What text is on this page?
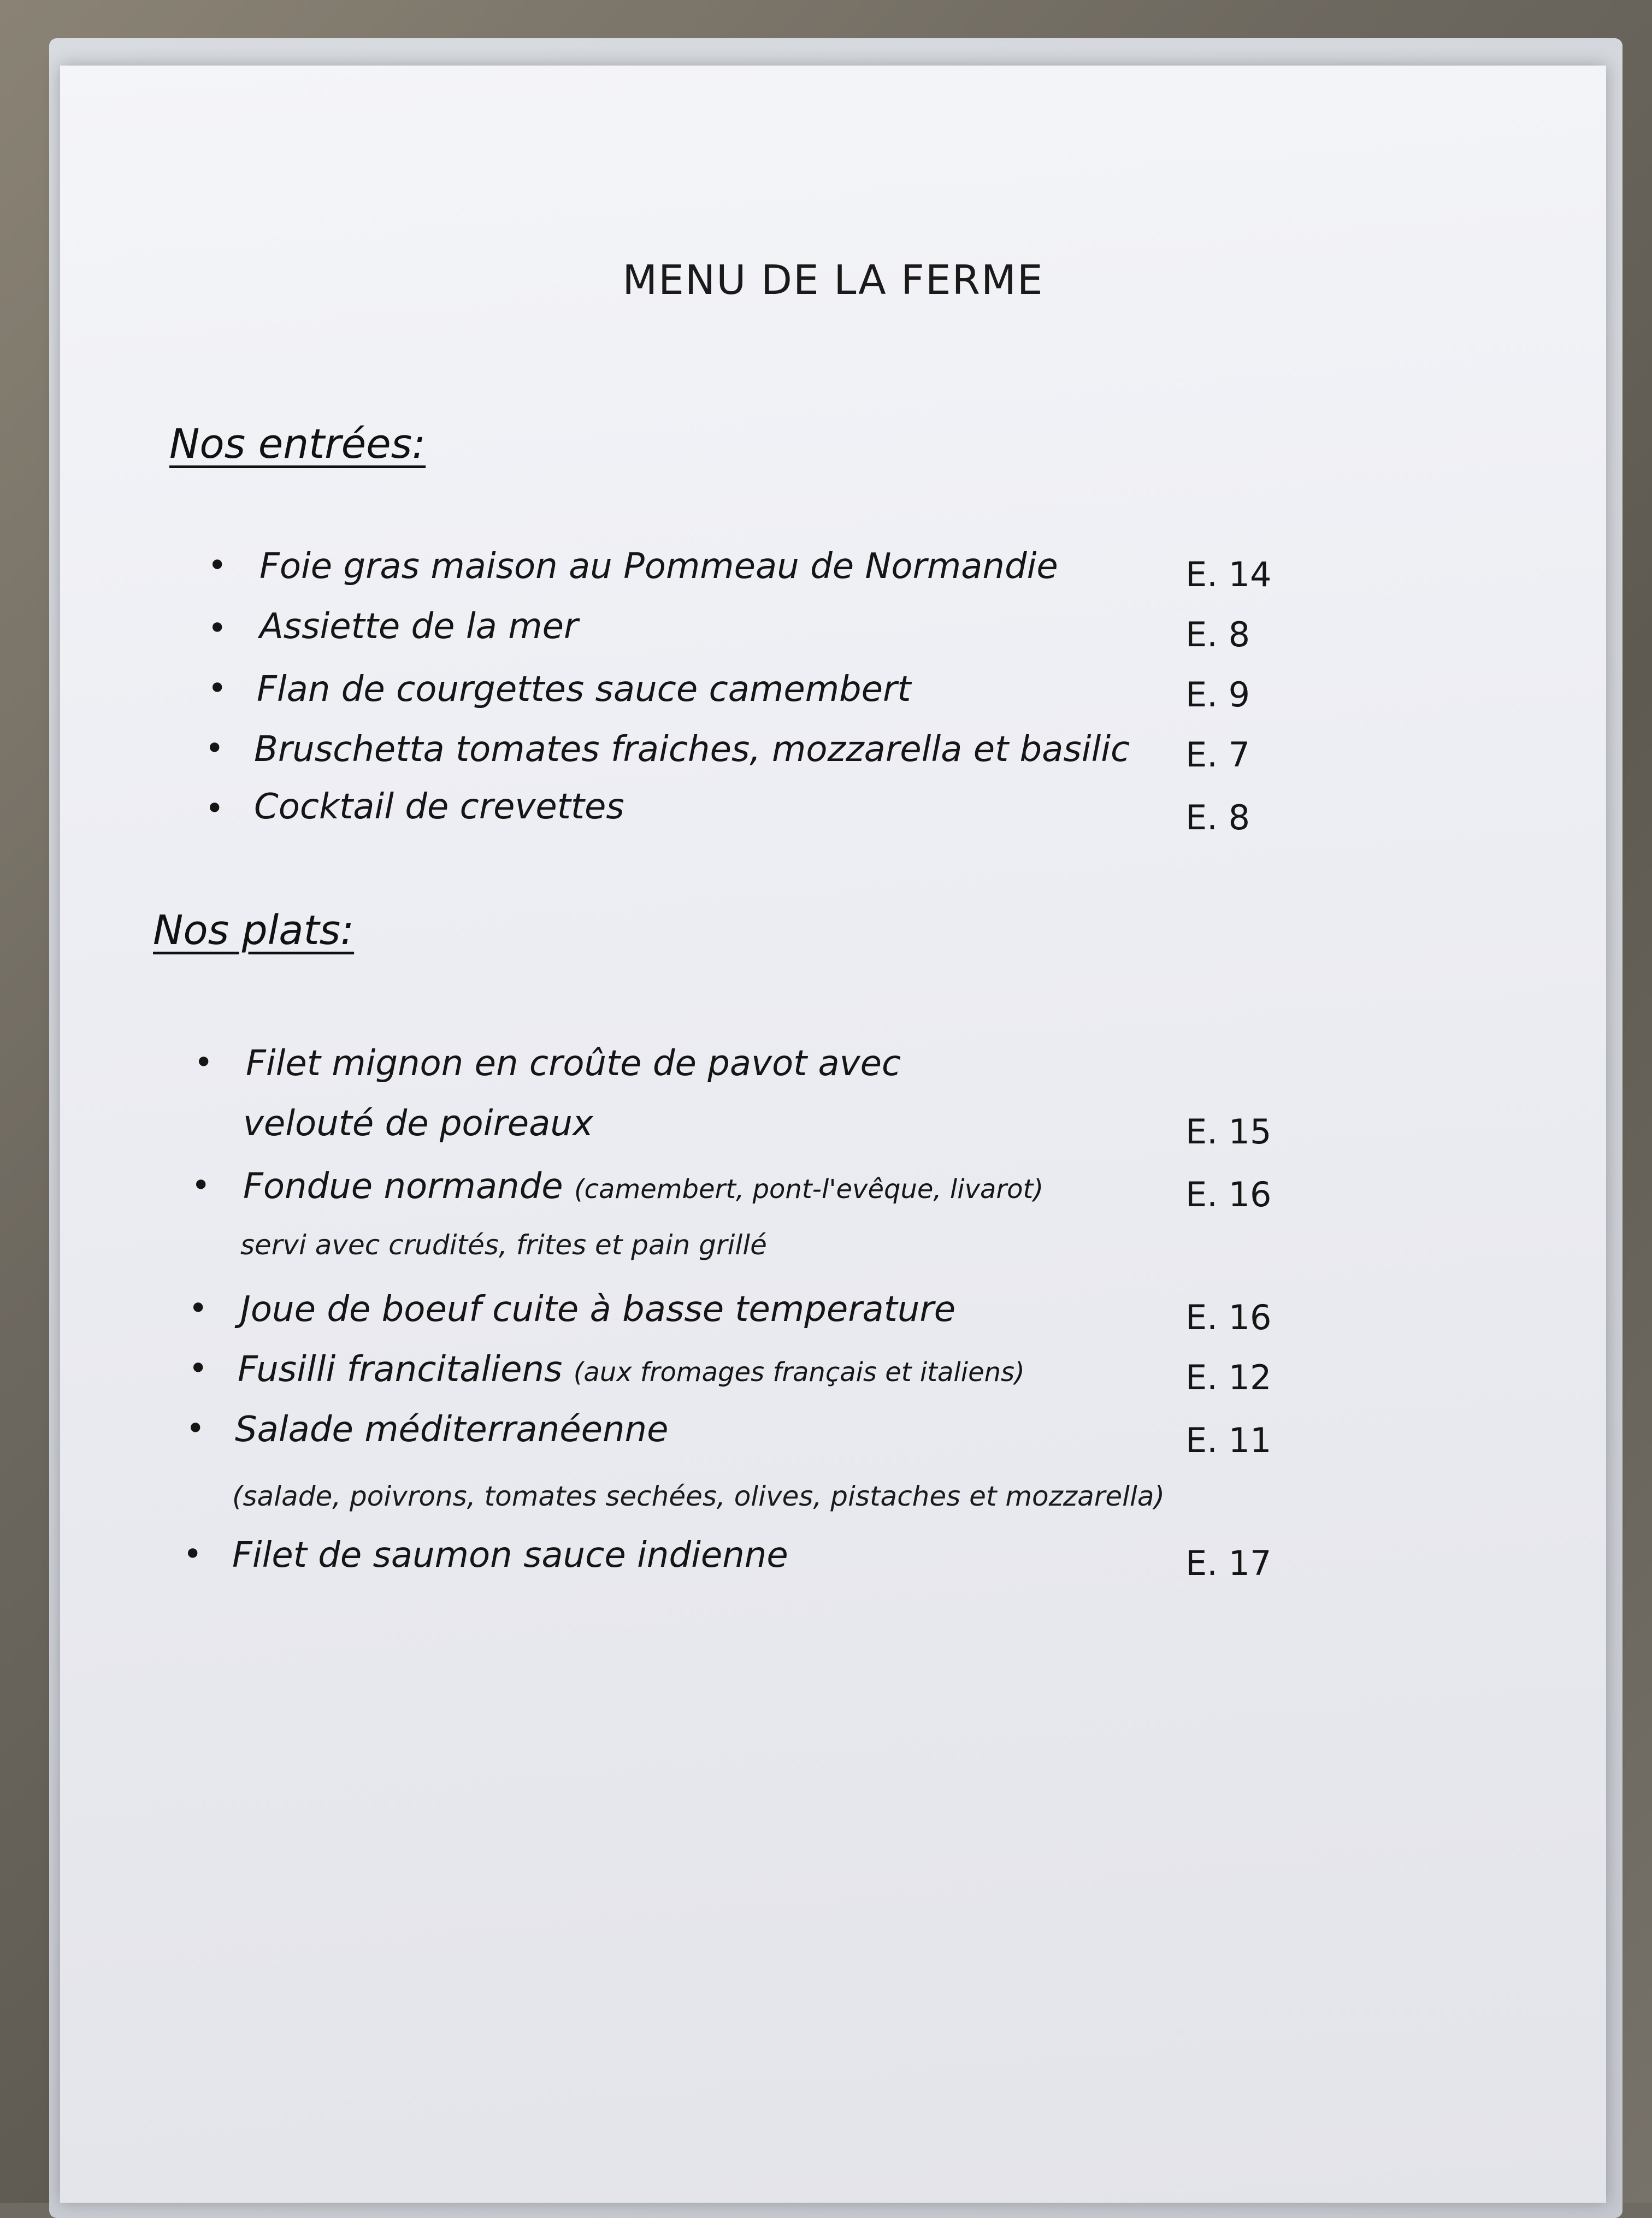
MENU DE LA FERME
Nos entrées:
• Foie gras maison au Pommeau de Normandie	E. 14
• Assiette de la mer	E. 8
• Flan de courgettes sauce camembert	E. 9
• Bruschetta tomates fraiches, mozzarella et basilic E. 7
• Cocktail de crevettes	E. 8
Nos plats:
• Filet mignon en croûte de pavot avec
velouté de poireaux	E. 15
• Fondue normande (camembert, pont-l'evêque, livarot)	E. 16
servi avec crudités, frites et pain grillé
• Joue de boeuf cuite à basse temperature	E. 16
• Fusilli francitaliens (aux fromages français et italiens)	E. 12
• Salade méditerranéenne	E. 11
(salade, poivrons, tomates sechées, olives, pistaches et mozzarella)
• Filet de saumon sauce indienne	E. 17
